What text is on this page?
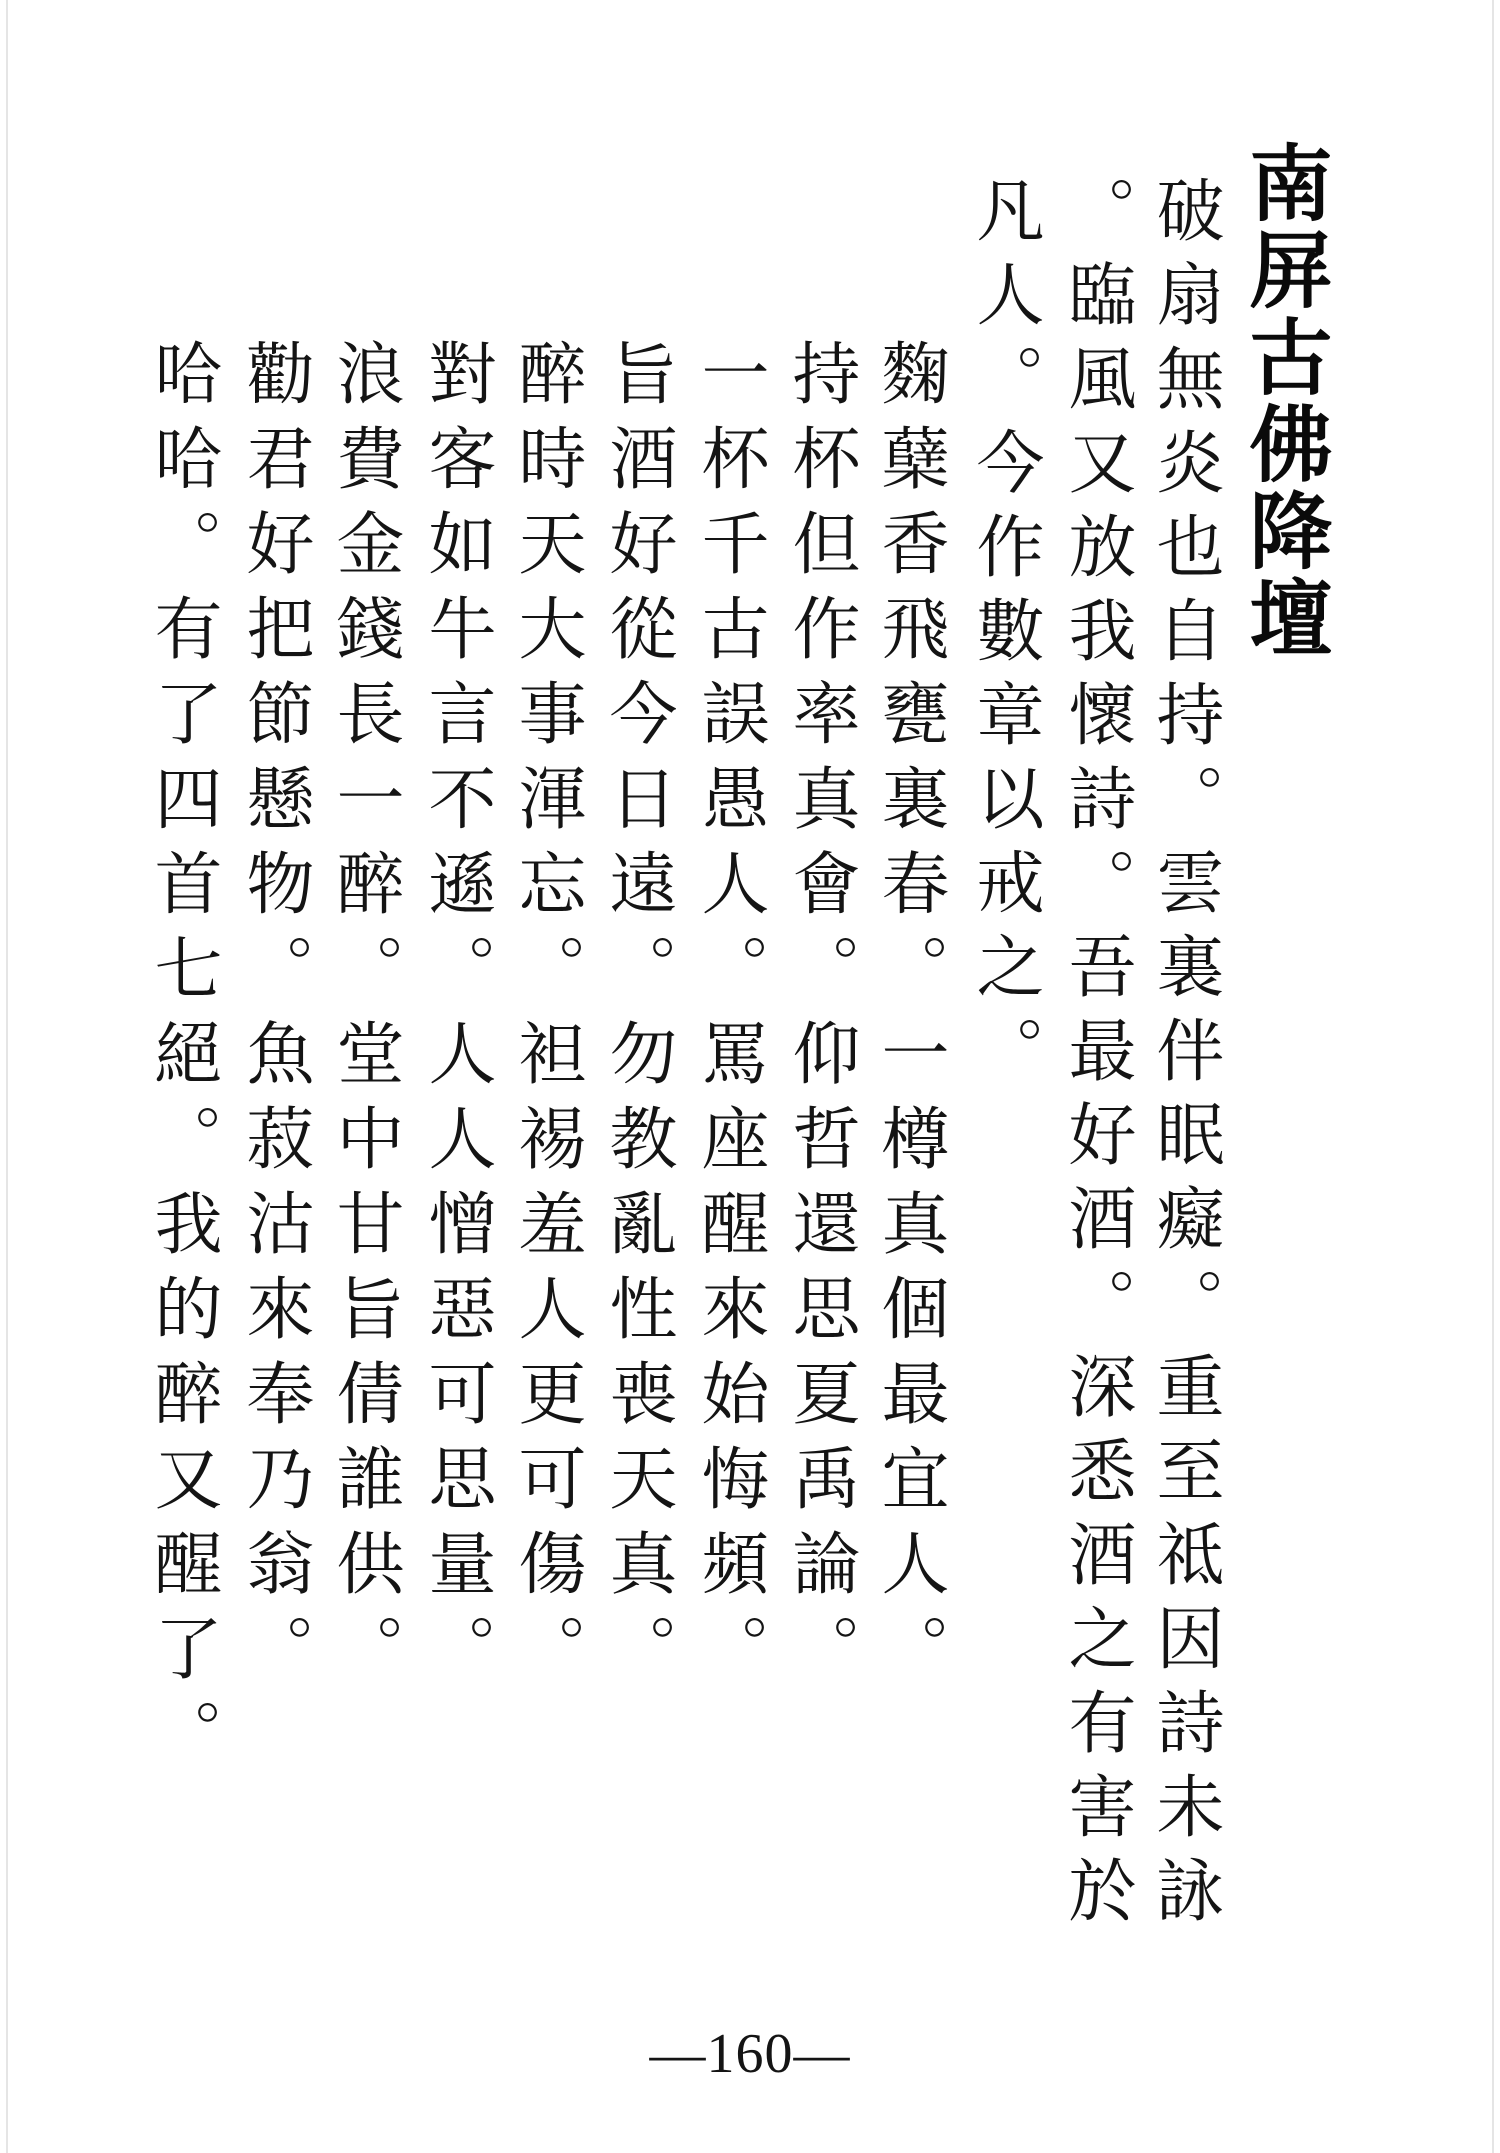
南屏古佛降壇
破扇無炎也自持。雲裏伴眠癡。重至祗因詩未詠
。臨風又放我懷詩。吾最好酒。深悉酒之有害於
凡人。今作數章以戒之。
麴蘖香飛甕裏春。一樽真個最宜人。
持杯但作率真會。仰哲還思夏禹論。
一杯千古誤愚人。罵座醒來始悔頻。
旨酒好從今日遠。勿教亂性喪天真。
醉時天大事渾忘。袒裼羞人更可傷。
對客如牛言不遜。人人憎惡可思量。
浪費金錢長一醉。堂中甘旨倩誰供。
勸君好把節懸物。魚菽沽來奉乃翁。
哈哈。有了四首七絕。我的醉又醒了。
—160—
